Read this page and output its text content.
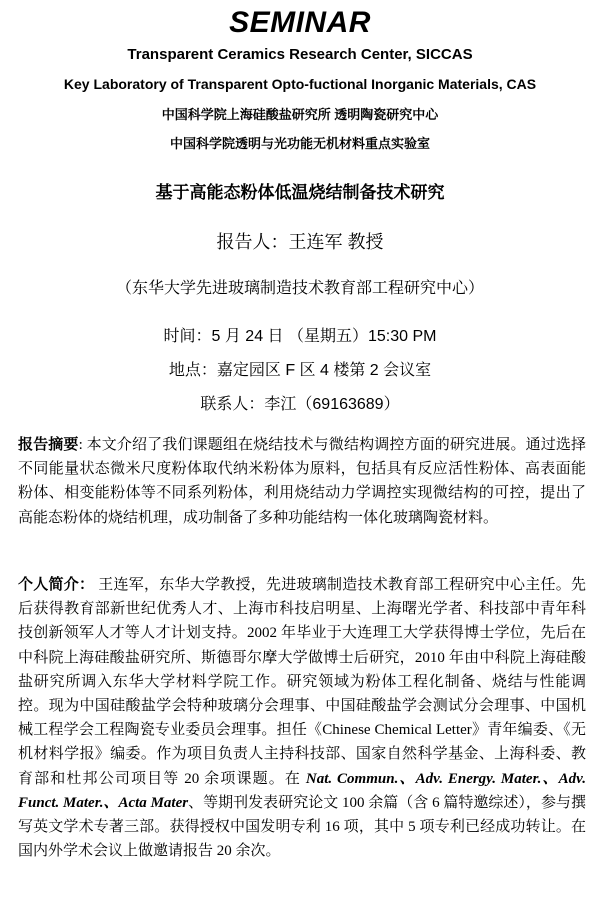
SEMINAR
Transparent Ceramics Research Center, SICCAS
Key Laboratory of Transparent Opto-fuctional Inorganic Materials, CAS
中国科学院上海硅酸盐研究所 透明陶瓷研究中心
中国科学院透明与光功能无机材料重点实验室
基于高能态粉体低温烧结制备技术研究
报告人：王连军 教授
（东华大学先进玻璃制造技术教育部工程研究中心）
时间：5 月 24 日 （星期五）15:30 PM
地点：嘉定园区 F 区 4 楼第 2 会议室
联系人：李江（69163689）
报告摘要: 本文介绍了我们课题组在烧结技术与微结构调控方面的研究进展。通过选择不同能量状态微米尺度粉体取代纳米粉体为原料，包括具有反应活性粉体、高表面能粉体、相变能粉体等不同系列粉体，利用烧结动力学调控实现微结构的可控，提出了高能态粉体的烧结机理，成功制备了多种功能结构一体化玻璃陶瓷材料。
个人简介： 王连军，东华大学教授，先进玻璃制造技术教育部工程研究中心主任。先后获得教育部新世纪优秀人才、上海市科技启明星、上海曙光学者、科技部中青年科技创新领军人才等人才计划支持。2002 年毕业于大连理工大学获得博士学位，先后在中科院上海硅酸盐研究所、斯德哥尔摩大学做博士后研究，2010 年由中科院上海硅酸盐研究所调入东华大学材料学院工作。研究领域为粉体工程化制备、烧结与性能调控。现为中国硅酸盐学会特种玻璃分会理事、中国硅酸盐学会测试分会理事、中国机械工程学会工程陶瓷专业委员会理事。担任《Chinese Chemical Letter》青年编委、《无机材料学报》编委。作为项目负责人主持科技部、国家自然科学基金、上海科委、教育部和杜邦公司项目等 20 余项课题。在 Nat. Commun.、Adv. Energy. Mater.、Adv. Funct. Mater.、Acta Mater、等期刊发表研究论文 100 余篇（含 6 篇特邀综述），参与撰写英文学术专著三部。获得授权中国发明专利 16 项，其中 5 项专利已经成功转让。在国内外学术会议上做邀请报告 20 余次。
